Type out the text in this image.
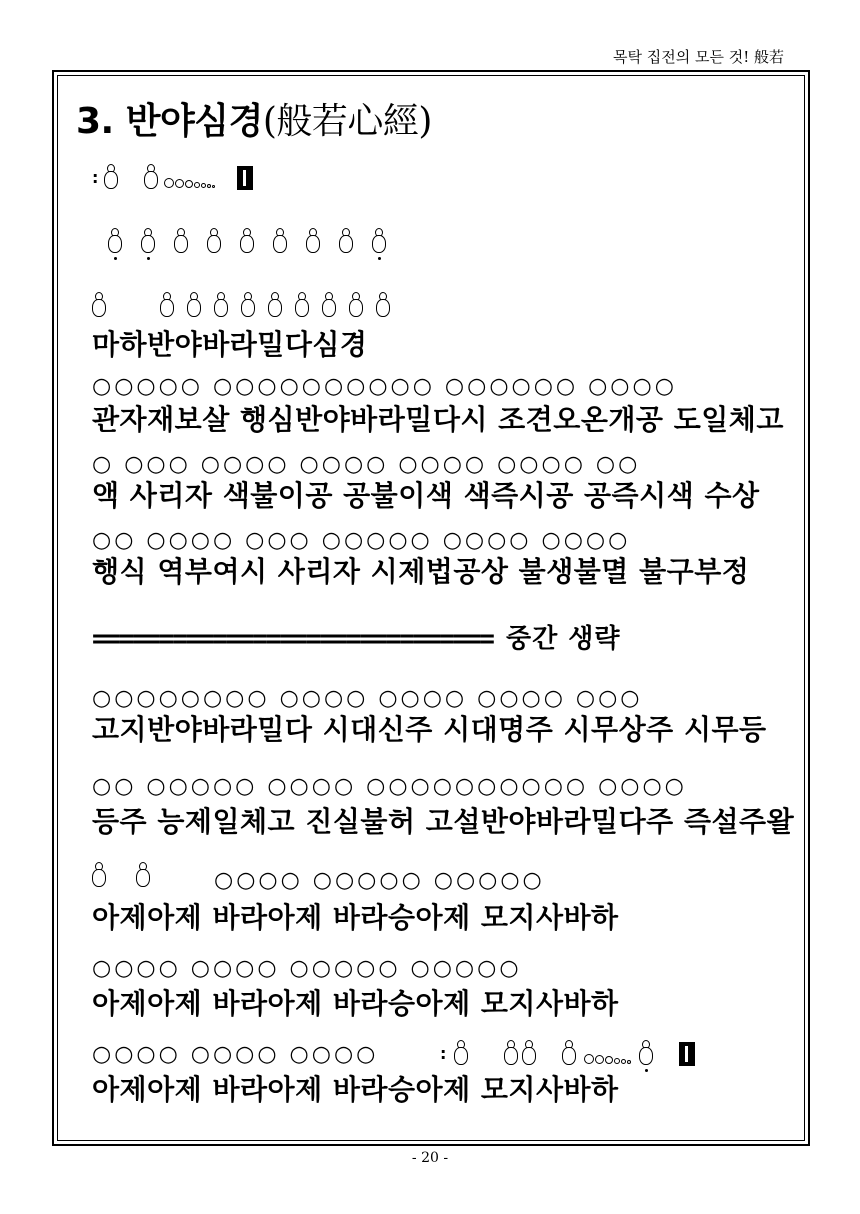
목탁 집전의 모든 것! 般若
3. 반야심경(般若心經)
:
마하반야바라밀다심경
○○○○○ ○○○○○○○○○○ ○○○○○○ ○○○○
관자재보살 행심반야바라밀다시 조견오온개공 도일체고
○ ○○○ ○○○○ ○○○○ ○○○○ ○○○○ ○○
액 사리자 색불이공 공불이색 색즉시공 공즉시색 수상
○○ ○○○○ ○○○ ○○○○○ ○○○○ ○○○○
행식 역부여시 사리자 시제법공상 불생불멸 불구부정
============================== 중간 생략
○○○○○○○○ ○○○○ ○○○○ ○○○○ ○○○
고지반야바라밀다 시대신주 시대명주 시무상주 시무등
○○ ○○○○○ ○○○○ ○○○○○○○○○○ ○○○○
등주 능제일체고 진실불허 고설반야바라밀다주 즉설주왈
○○○○ ○○○○○ ○○○○○
아제아제 바라아제 바라승아제 모지사바하
○○○○ ○○○○ ○○○○○ ○○○○○
아제아제 바라아제 바라승아제 모지사바하
○○○○ ○○○○ ○○○○	:
아제아제 바라아제 바라승아제 모지사바하
- 20 -
